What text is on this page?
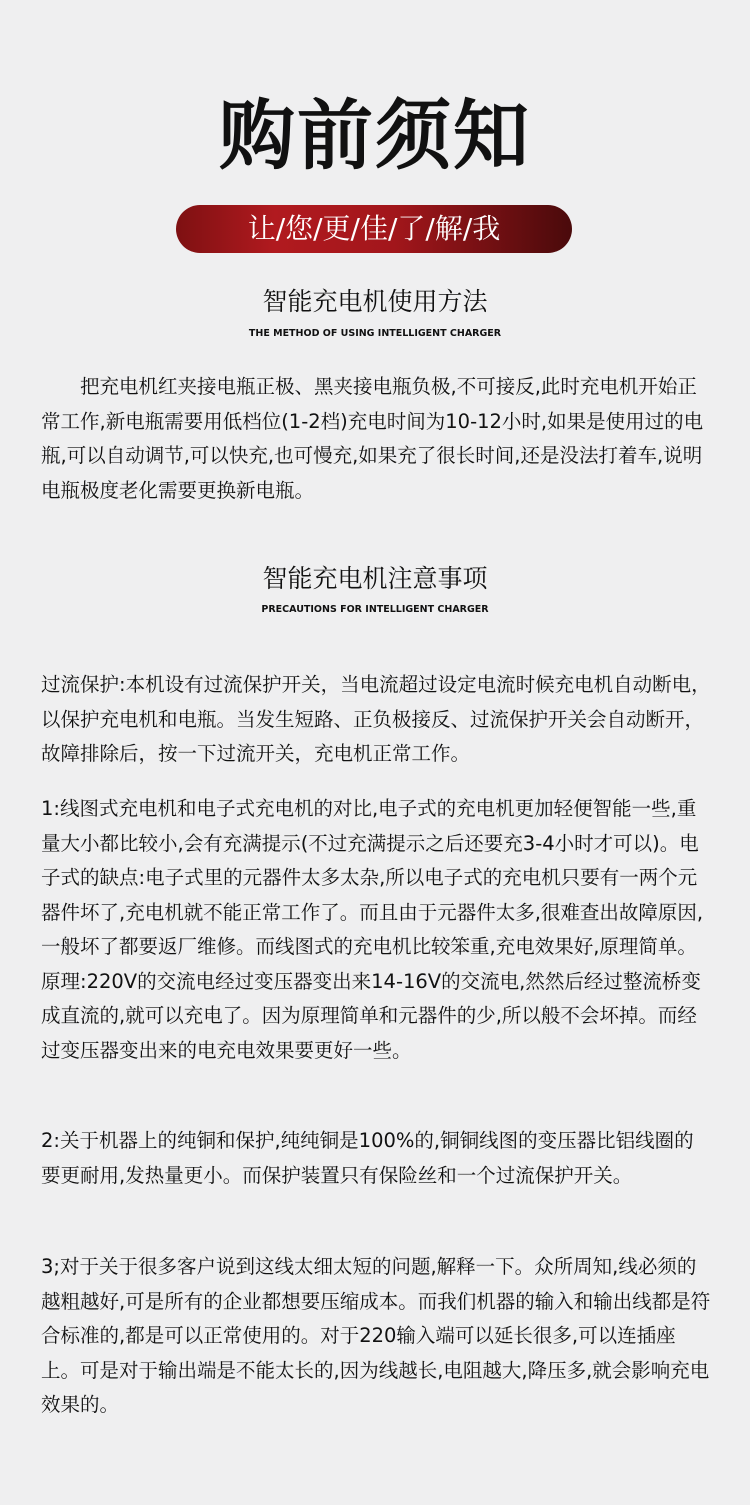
购前须知
让/您/更/佳/了/解/我
智能充电机使用方法
THE METHOD OF USING INTELLIGENT CHARGER

把充电机红夹接电瓶正极、黑夹接电瓶负极,不可接反,此时充电机开始正常工作,新电瓶需要用低档位(1-2档)充电时间为10-12小时,如果是使用过的电瓶,可以自动调节,可以快充,也可慢充,如果充了很长时间,还是没法打着车,说明电瓶极度老化需要更换新电瓶。

智能充电机注意事项
PRECAUTIONS FOR INTELLIGENT CHARGER

过流保护:本机设有过流保护开关，当电流超过设定电流时候充电机自动断电，以保护充电机和电瓶。当发生短路、正负极接反、过流保护开关会自动断开，故障排除后，按一下过流开关，充电机正常工作。

1:线图式充电机和电子式充电机的对比,电子式的充电机更加轻便智能一些,重量大小都比较小,会有充满提示(不过充满提示之后还要充3-4小时才可以)。电子式的缺点:电子式里的元器件太多太杂,所以电子式的充电机只要有一两个元器件坏了,充电机就不能正常工作了。而且由于元器件太多,很难查出故障原因,一般坏了都要返厂维修。而线图式的充电机比较笨重,充电效果好,原理简单。原理:220V的交流电经过变压器变出来14-16V的交流电,然然后经过整流桥变成直流的,就可以充电了。因为原理简单和元器件的少,所以般不会坏掉。而经过变压器变出来的电充电效果要更好一些。

2:关于机器上的纯铜和保护,纯纯铜是100%的,铜铜线图的变压器比铝线圈的要更耐用,发热量更小。而保护装置只有保险丝和一个过流保护开关。

3;对于关于很多客户说到这线太细太短的问题,解释一下。众所周知,线必须的越粗越好,可是所有的企业都想要压缩成本。而我们机器的输入和输出线都是符合标准的,都是可以正常使用的。对于220输入端可以延长很多,可以连插座上。可是对于输出端是不能太长的,因为线越长,电阻越大,降压多,就会影响充电效果的。
